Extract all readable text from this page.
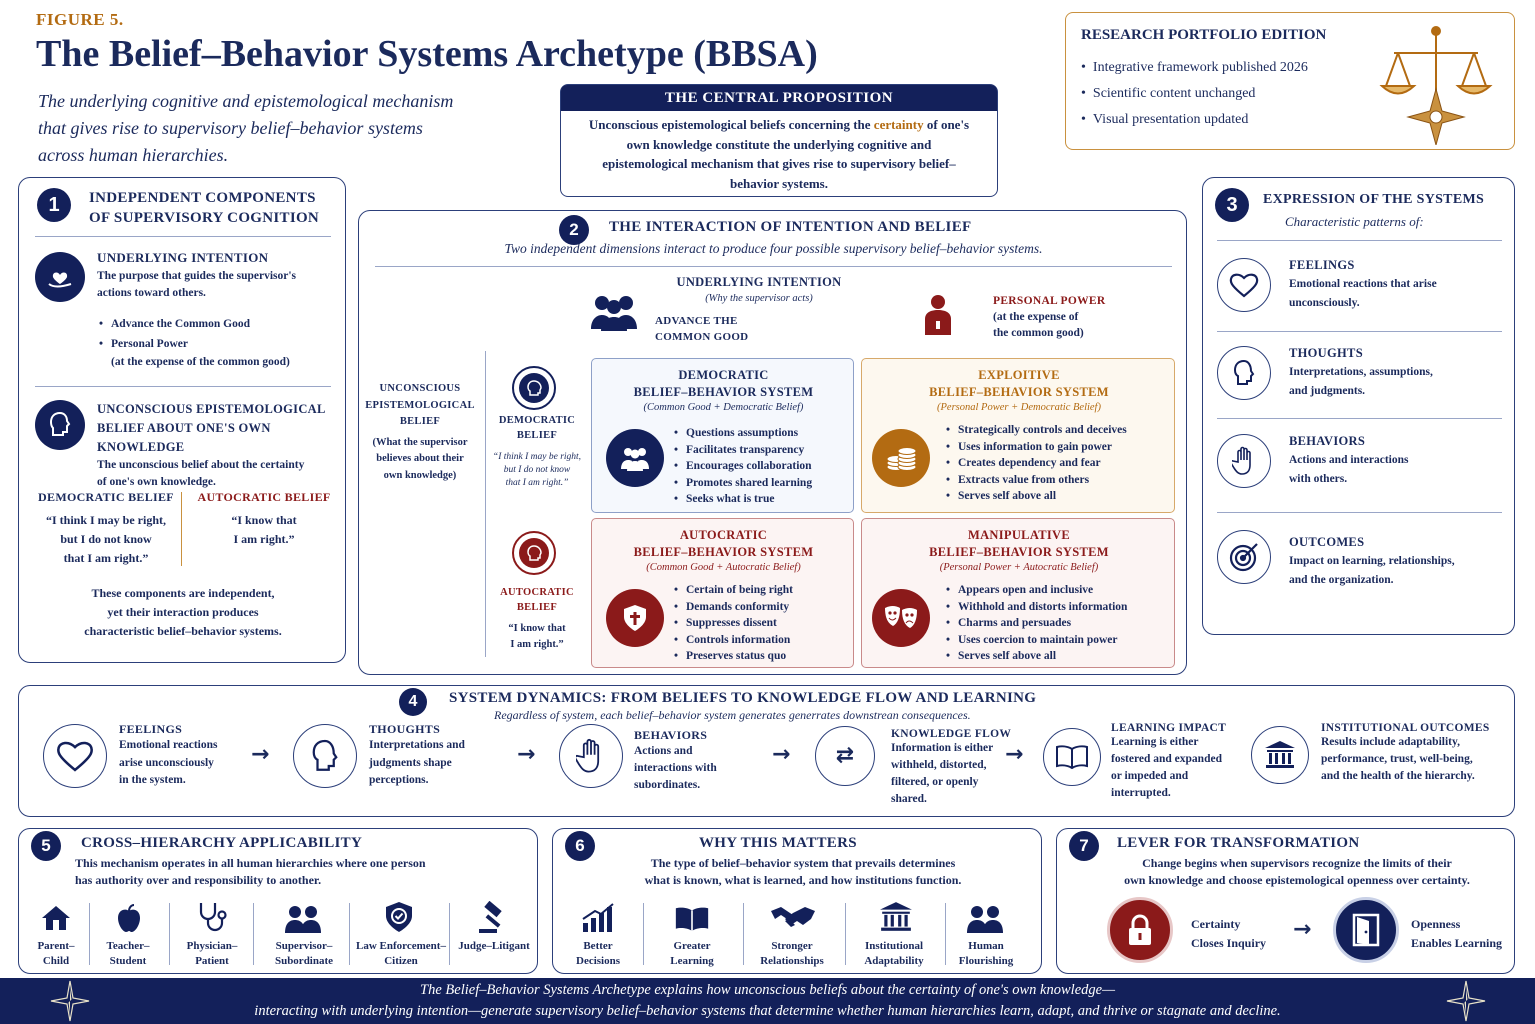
FIGURE 5.
The Belief–Behavior Systems Archetype (BBSA)
The underlying cognitive and epistemological mechanism
that gives rise to supervisory belief–behavior systems
across human hierarchies.
THE CENTRAL PROPOSITION
Unconscious epistemological beliefs concerning the certainty of one's own knowledge constitute the underlying cognitive and epistemological mechanism that gives rise to supervisory belief–behavior systems.
RESEARCH PORTFOLIO EDITION
•  Integrative framework published 2026
•  Scientific content unchanged
•  Visual presentation updated
1	INDEPENDENT COMPONENTS
OF SUPERVISORY COGNITION
UNDERLYING INTENTION
The purpose that guides the supervisor's
actions toward others.
• Advance the Common Good
• Personal Power
(at the expense of the common good)
UNCONSCIOUS EPISTEMOLOGICAL
BELIEF ABOUT ONE'S OWN KNOWLEDGE
The unconscious belief about the certainty
of one's own knowledge.
DEMOCRATIC BELIEF
“I think I may be right,
but I do not know
that I am right.”
AUTOCRATIC BELIEF
“I know that
I am right.”
These components are independent,
yet their interaction produces
characteristic belief–behavior systems.
2	THE INTERACTION OF INTENTION AND BELIEF
Two independent dimensions interact to produce four possible supervisory belief–behavior systems.
UNDERLYING INTENTION
(Why the supervisor acts)
ADVANCE THE
COMMON GOOD
PERSONAL POWER
(at the expense of
the common good)
UNCONSCIOUS
EPISTEMOLOGICAL
BELIEF
(What the supervisor
believes about their
own knowledge)
DEMOCRATIC
BELIEF
“I think I may be right,
but I do not know
that I am right.”
AUTOCRATIC
BELIEF
“I know that
I am right.”
DEMOCRATIC
BELIEF–BEHAVIOR SYSTEM
(Common Good + Democratic Belief)
• Questions assumptions
• Facilitates transparency
• Encourages collaboration
• Promotes shared learning
• Seeks what is true
EXPLOITIVE
BELIEF–BEHAVIOR SYSTEM
(Personal Power + Democratic Belief)
• Strategically controls and deceives
• Uses information to gain power
• Creates dependency and fear
• Extracts value from others
• Serves self above all
AUTOCRATIC
BELIEF–BEHAVIOR SYSTEM
(Common Good + Autocratic Belief)
• Certain of being right
• Demands conformity
• Suppresses dissent
• Controls information
• Preserves status quo
MANIPULATIVE
BELIEF–BEHAVIOR SYSTEM
(Personal Power + Autocratic Belief)
• Appears open and inclusive
• Withhold and distorts information
• Charms and persuades
• Uses coercion to maintain power
• Serves self above all
3	EXPRESSION OF THE SYSTEMS
Characteristic patterns of:
FEELINGS
Emotional reactions that arise
unconsciously.
THOUGHTS
Interpretations, assumptions,
and judgments.
BEHAVIORS
Actions and interactions
with others.
OUTCOMES
Impact on learning, relationships,
and the organization.
4	SYSTEM DYNAMICS: FROM BELIEFS TO KNOWLEDGE FLOW AND LEARNING
Regardless of system, each belief–behavior system generates generrates downstrean consequences.
FEELINGS
Emotional reactions
arise unconsciously
in the system.
→
THOUGHTS
Interpretations and
judgments shape
perceptions.
→
BEHAVIORS
Actions and
interactions with
subordinates.
→	⇄
KNOWLEDGE FLOW
Information is either
withheld, distorted,
filtered, or openly
shared.
→
LEARNING IMPACT
Learning is either
fostered and expanded
or impeded and
interrupted.
INSTITUTIONAL OUTCOMES
Results include adaptability,
performance, trust, well-being,
and the health of the hierarchy.
5	CROSS–HIERARCHY APPLICABILITY
This mechanism operates in all human hierarchies where one person
has authority over and responsibility to another.
Parent–
Child
Teacher–
Student
Physician–
Patient
Supervisor–
Subordinate
Law Enforcement–
Citizen
Judge–Litigant
6	WHY THIS MATTERS
The type of belief–behavior system that prevails determines
what is known, what is learned, and how institutions function.
Better
Decisions
Greater
Learning
Stronger
Relationships
Institutional
Adaptability
Human
Flourishing
7	LEVER FOR TRANSFORMATION
Change begins when supervisors recognize the limits of their
own knowledge and choose epistemological openness over certainty.
Certainty
Closes Inquiry
→	Openness
Enables Learning
The Belief–Behavior Systems Archetype explains how unconscious beliefs about the certainty of one's own knowledge—
interacting with underlying intention—generate supervisory belief–behavior systems that determine whether human hierarchies learn, adapt, and thrive or stagnate and decline.
